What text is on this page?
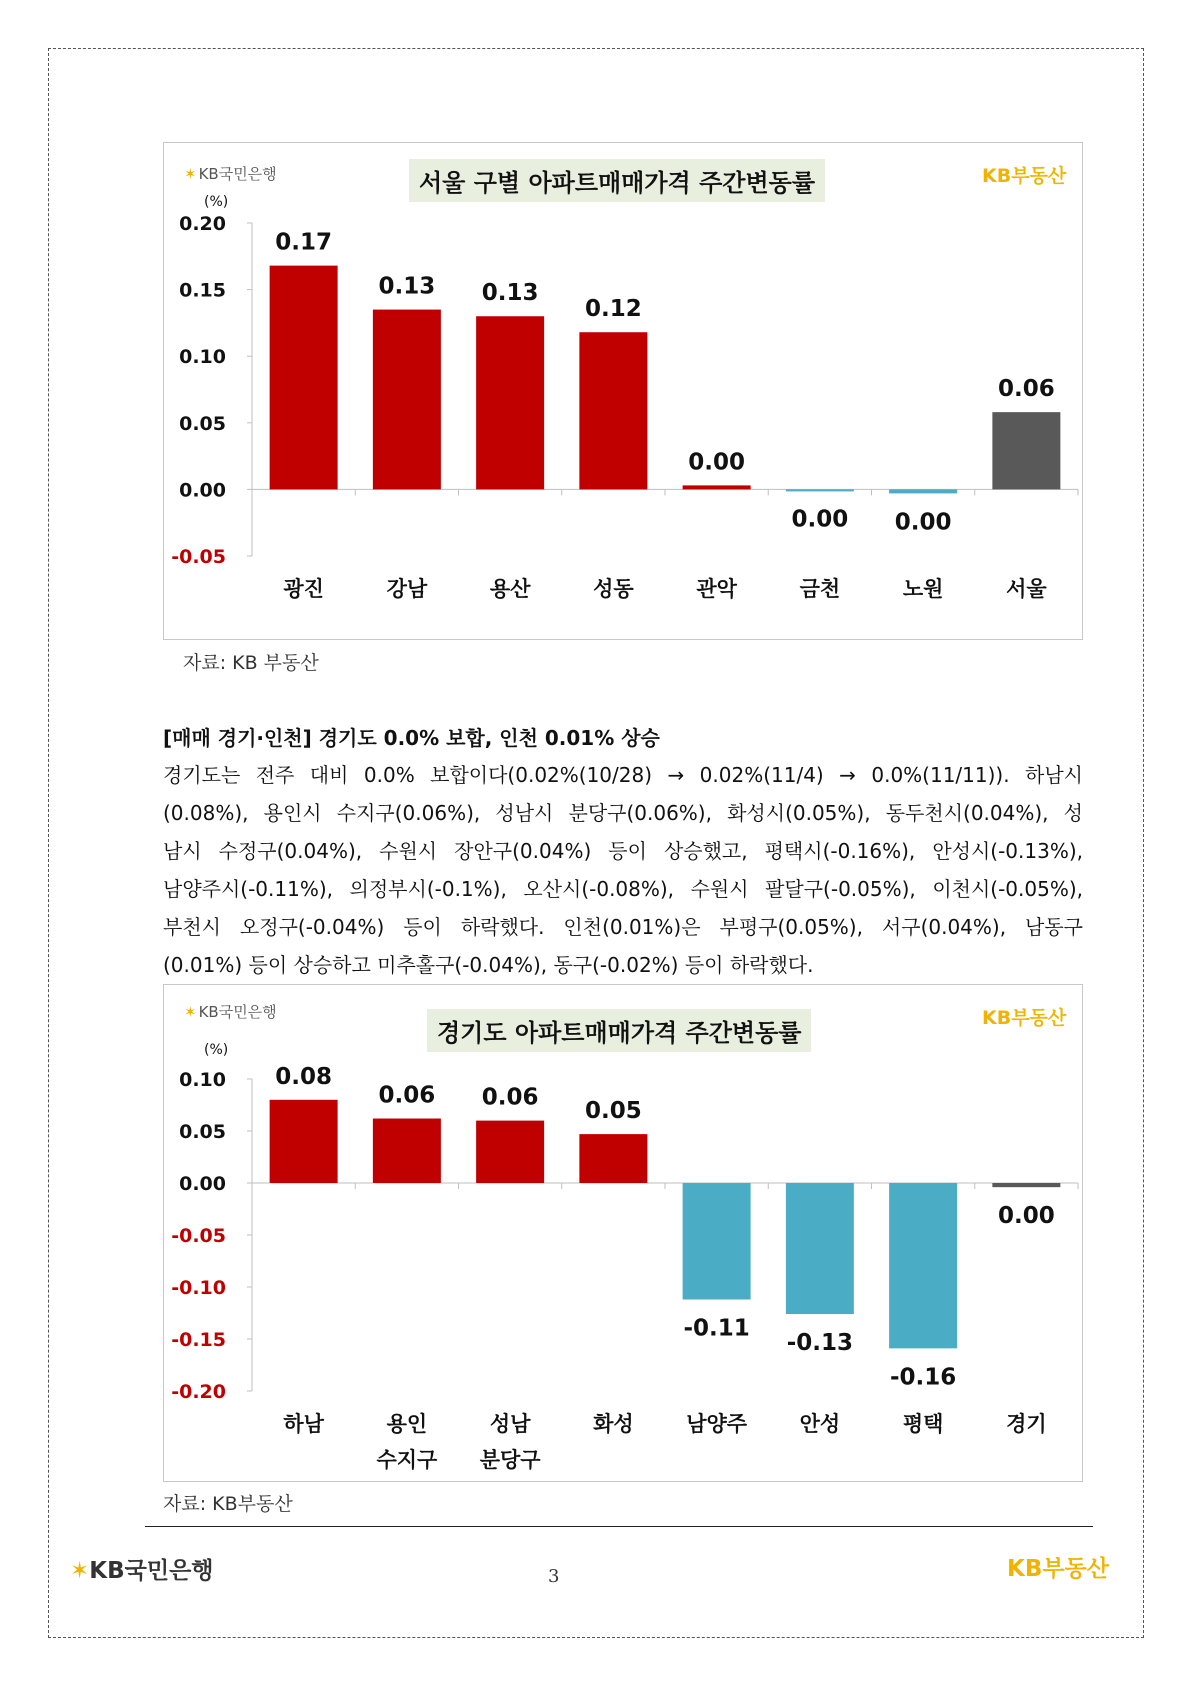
✶ KB국민은행	KB부동산
서울 구별 아파트매매가격 주간변동률
(%)
0.20
0.15
0.10
0.05
0.00
-0.05
0.17
광진
0.13
강남
0.13
용산
0.12
성동
0.00
관악
0.00
금천
0.00
노원
0.06
서울
자료: KB 부동산
[매매 경기·인천] 경기도 0.0% 보합, 인천 0.01% 상승
경기도는 전주 대비 0.0% 보합이다(0.02%(10/28) → 0.02%(11/4) → 0.0%(11/11)). 하남시
(0.08%), 용인시 수지구(0.06%), 성남시 분당구(0.06%), 화성시(0.05%), 동두천시(0.04%), 성
남시 수정구(0.04%), 수원시 장안구(0.04%) 등이 상승했고, 평택시(-0.16%), 안성시(-0.13%),
남양주시(-0.11%), 의정부시(-0.1%), 오산시(-0.08%), 수원시 팔달구(-0.05%), 이천시(-0.05%),
부천시 오정구(-0.04%) 등이 하락했다. 인천(0.01%)은 부평구(0.05%), 서구(0.04%), 남동구
(0.01%) 등이 상승하고 미추홀구(-0.04%), 동구(-0.02%) 등이 하락했다.
✶ KB국민은행	KB부동산
경기도 아파트매매가격 주간변동률
(%)
0.10
0.05
0.00
-0.05
-0.10
-0.15
-0.20
0.08
하남
0.06
용인
수지구
0.06
성남
분당구
0.05
화성
-0.11
남양주
-0.13
안성
-0.16
평택
0.00
경기
자료: KB부동산
✶KB국민은행	3	KB부동산
